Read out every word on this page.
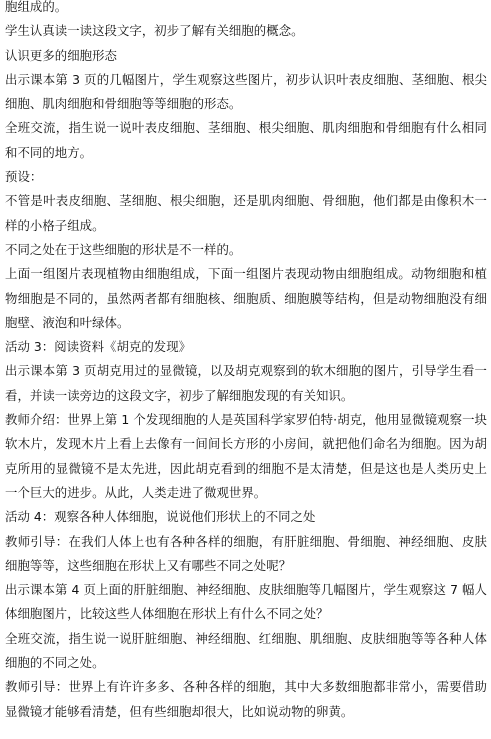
胞组成的。

学生认真读一读这段文字，初步了解有关细胞的概念。

认识更多的细胞形态

出示课本第 3 页的几幅图片，学生观察这些图片，初步认识叶表皮细胞、茎细胞、根尖细胞、肌肉细胞和骨细胞等等细胞的形态。

全班交流，指生说一说叶表皮细胞、茎细胞、根尖细胞、肌肉细胞和骨细胞有什么相同和不同的地方。

预设：

不管是叶表皮细胞、茎细胞、根尖细胞，还是肌肉细胞、骨细胞，他们都是由像积木一样的小格子组成。

不同之处在于这些细胞的形状是不一样的。

上面一组图片表现植物由细胞组成，下面一组图片表现动物由细胞组成。动物细胞和植物细胞是不同的，虽然两者都有细胞核、细胞质、细胞膜等结构，但是动物细胞没有细胞壁、液泡和叶绿体。

活动 3：阅读资料《胡克的发现》

出示课本第 3 页胡克用过的显微镜，以及胡克观察到的软木细胞的图片，引导学生看一看，并读一读旁边的这段文字，初步了解细胞发现的有关知识。

教师介绍：世界上第 1 个发现细胞的人是英国科学家罗伯特·胡克，他用显微镜观察一块软木片，发现木片上看上去像有一间间长方形的小房间，就把他们命名为细胞。因为胡克所用的显微镜不是太先进，因此胡克看到的细胞不是太清楚，但是这也是人类历史上一个巨大的进步。从此，人类走进了微观世界。

活动 4：观察各种人体细胞，说说他们形状上的不同之处

教师引导：在我们人体上也有各种各样的细胞，有肝脏细胞、骨细胞、神经细胞、皮肤细胞等等，这些细胞在形状上又有哪些不同之处呢？

出示课本第 4 页上面的肝脏细胞、神经细胞、皮肤细胞等几幅图片，学生观察这 7 幅人体细胞图片，比较这些人体细胞在形状上有什么不同之处？

全班交流，指生说一说肝脏细胞、神经细胞、红细胞、肌细胞、皮肤细胞等等各种人体细胞的不同之处。

教师引导：世界上有许许多多、各种各样的细胞，其中大多数细胞都非常小，需要借助显微镜才能够看清楚，但有些细胞却很大，比如说动物的卵黄。
